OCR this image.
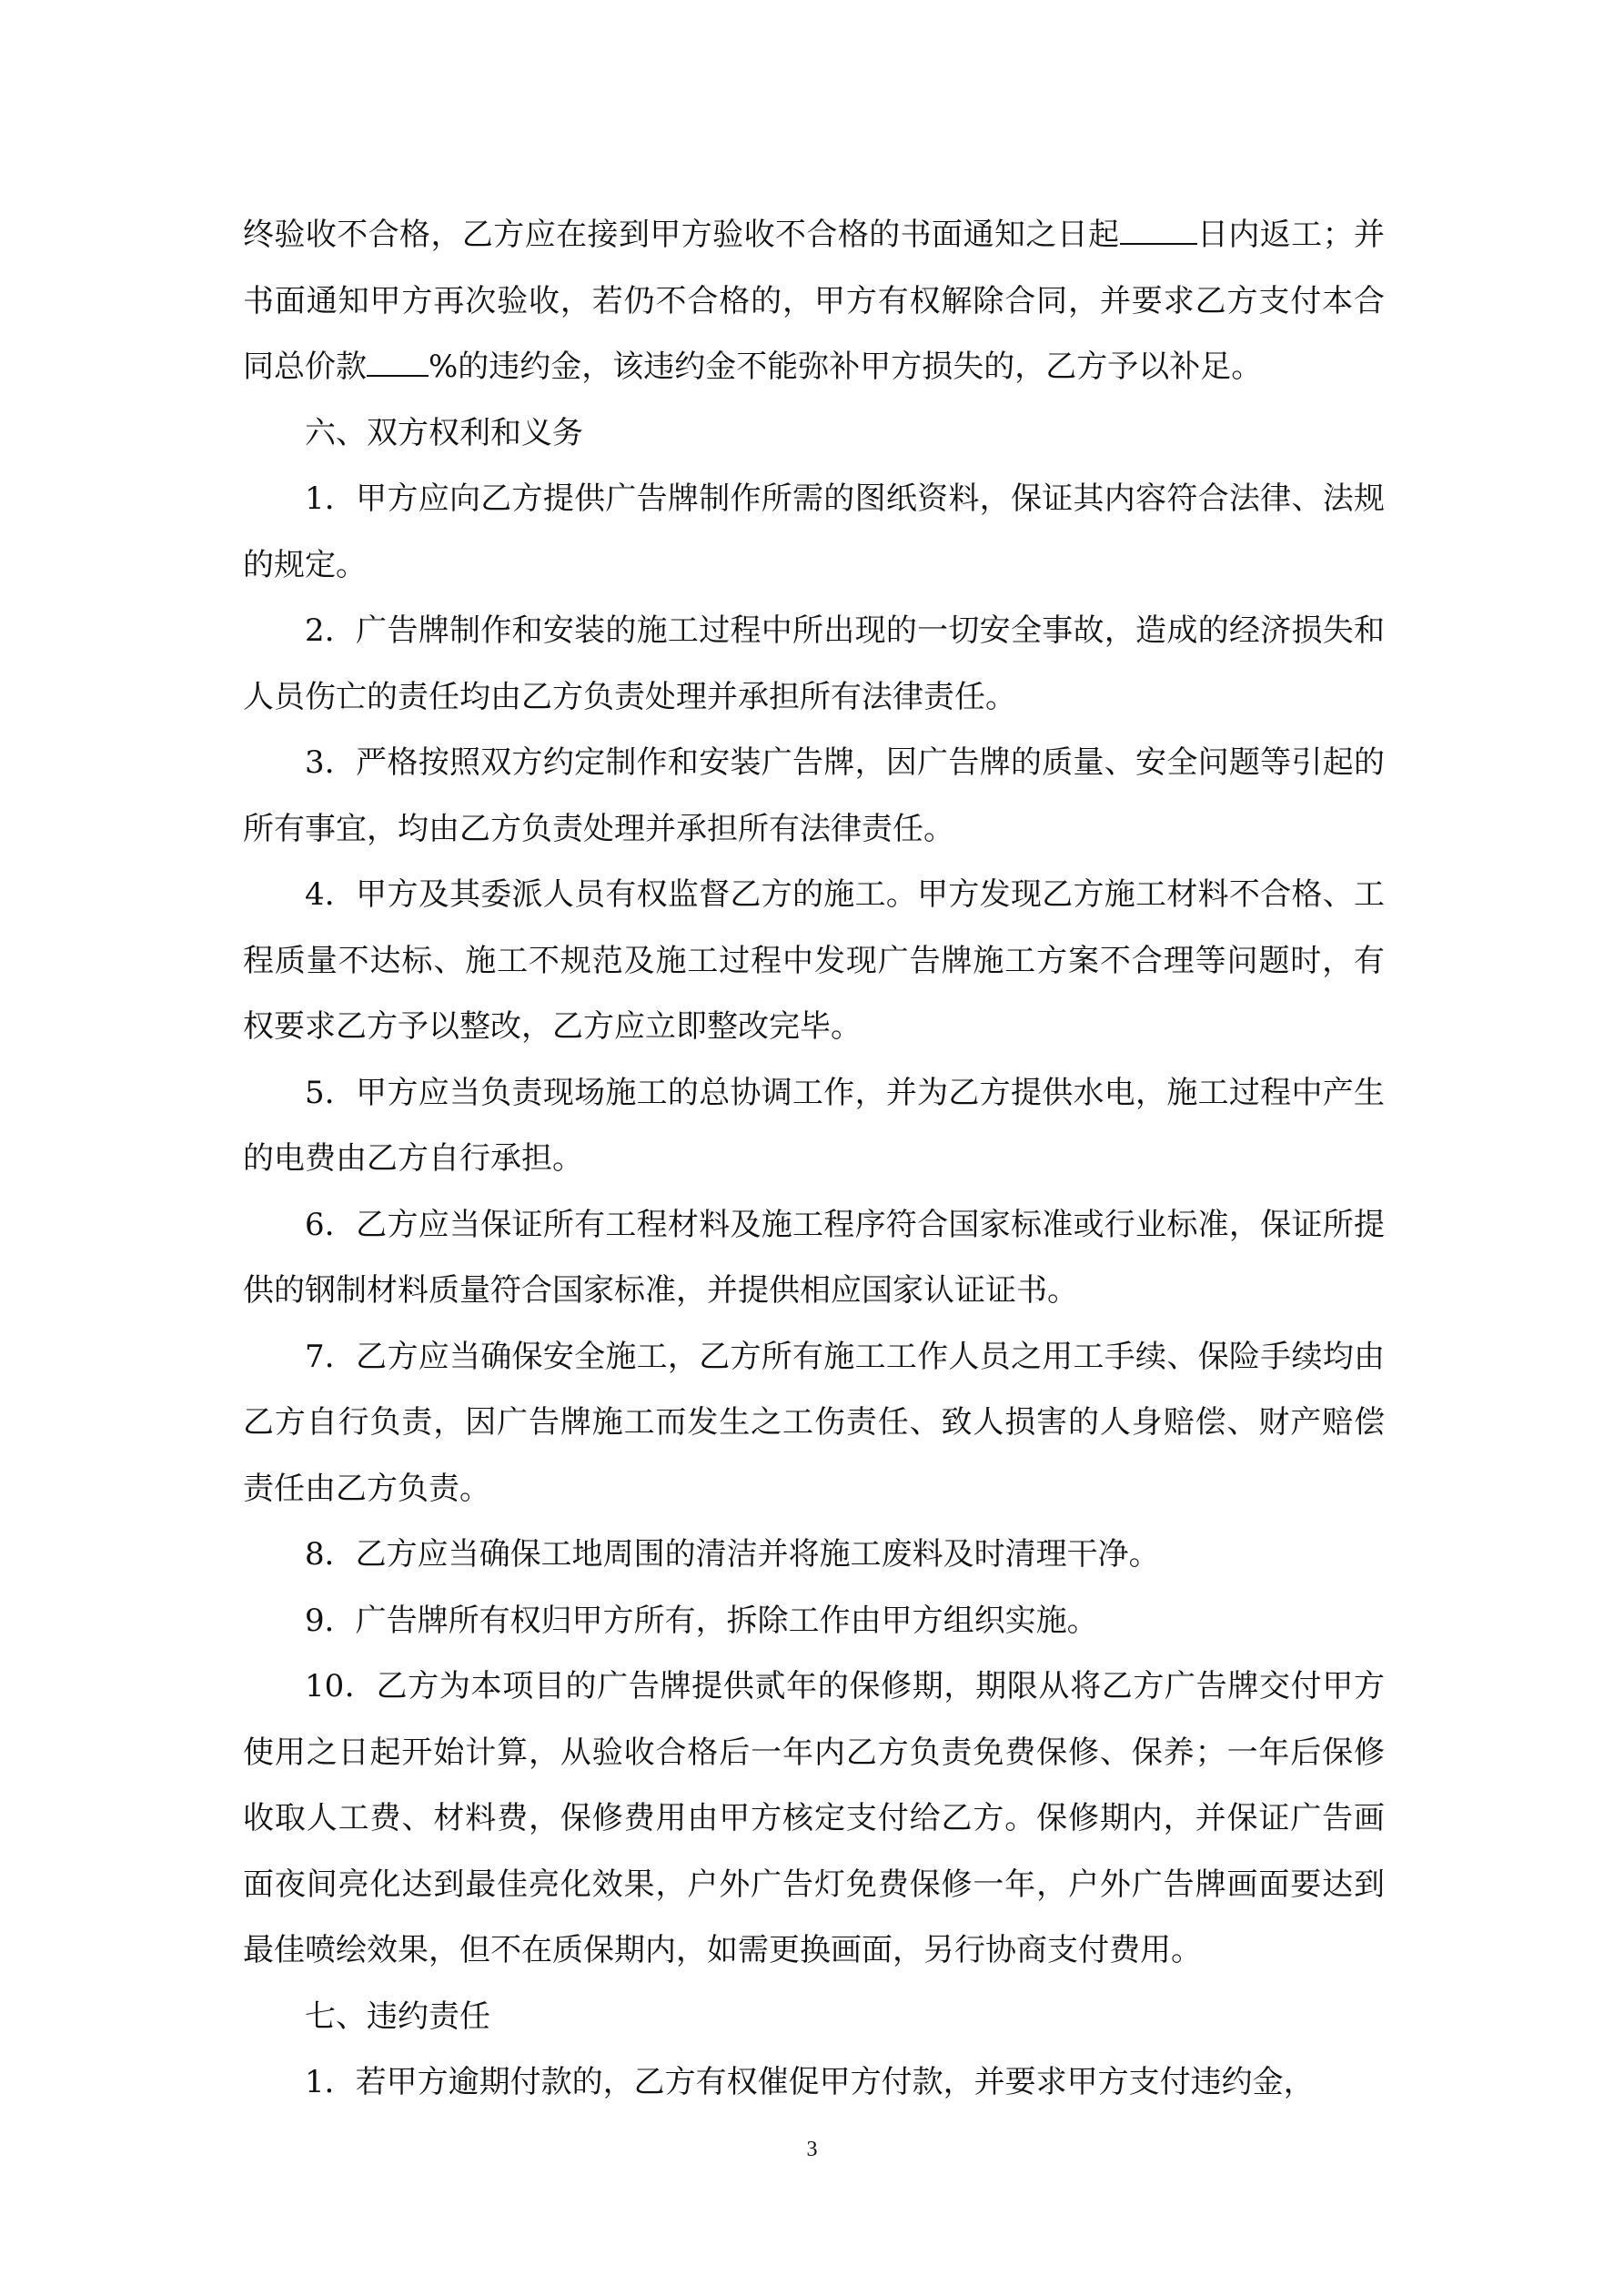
终验收不合格，乙方应在接到甲方验收不合格的书面通知之日起	日内返工；并书面通知甲方再次验收，若仍不合格的，甲方有权解除合同，并要求乙方支付本合同总价款 %的违约金，该违约金不能弥补甲方损失的，乙方予以补足。

六、双方权利和义务

1．甲方应向乙方提供广告牌制作所需的图纸资料，保证其内容符合法律、法规的规定。

2．广告牌制作和安装的施工过程中所出现的一切安全事故，造成的经济损失和人员伤亡的责任均由乙方负责处理并承担所有法律责任。

3．严格按照双方约定制作和安装广告牌，因广告牌的质量、安全问题等引起的所有事宜，均由乙方负责处理并承担所有法律责任。

4．甲方及其委派人员有权监督乙方的施工。甲方发现乙方施工材料不合格、工程质量不达标、施工不规范及施工过程中发现广告牌施工方案不合理等问题时，有权要求乙方予以整改，乙方应立即整改完毕。

5．甲方应当负责现场施工的总协调工作，并为乙方提供水电，施工过程中产生的电费由乙方自行承担。

6．乙方应当保证所有工程材料及施工程序符合国家标准或行业标准，保证所提供的钢制材料质量符合国家标准，并提供相应国家认证证书。

7．乙方应当确保安全施工，乙方所有施工工作人员之用工手续、保险手续均由乙方自行负责，因广告牌施工而发生之工伤责任、致人损害的人身赔偿、财产赔偿责任由乙方负责。

8．乙方应当确保工地周围的清洁并将施工废料及时清理干净。

9．广告牌所有权归甲方所有，拆除工作由甲方组织实施。

10．乙方为本项目的广告牌提供贰年的保修期，期限从将乙方广告牌交付甲方使用之日起开始计算，从验收合格后一年内乙方负责免费保修、保养；一年后保修收取人工费、材料费，保修费用由甲方核定支付给乙方。保修期内，并保证广告画面夜间亮化达到最佳亮化效果，户外广告灯免费保修一年，户外广告牌画面要达到最佳喷绘效果，但不在质保期内，如需更换画面，另行协商支付费用。

七、违约责任

1．若甲方逾期付款的，乙方有权催促甲方付款，并要求甲方支付违约金，

3
